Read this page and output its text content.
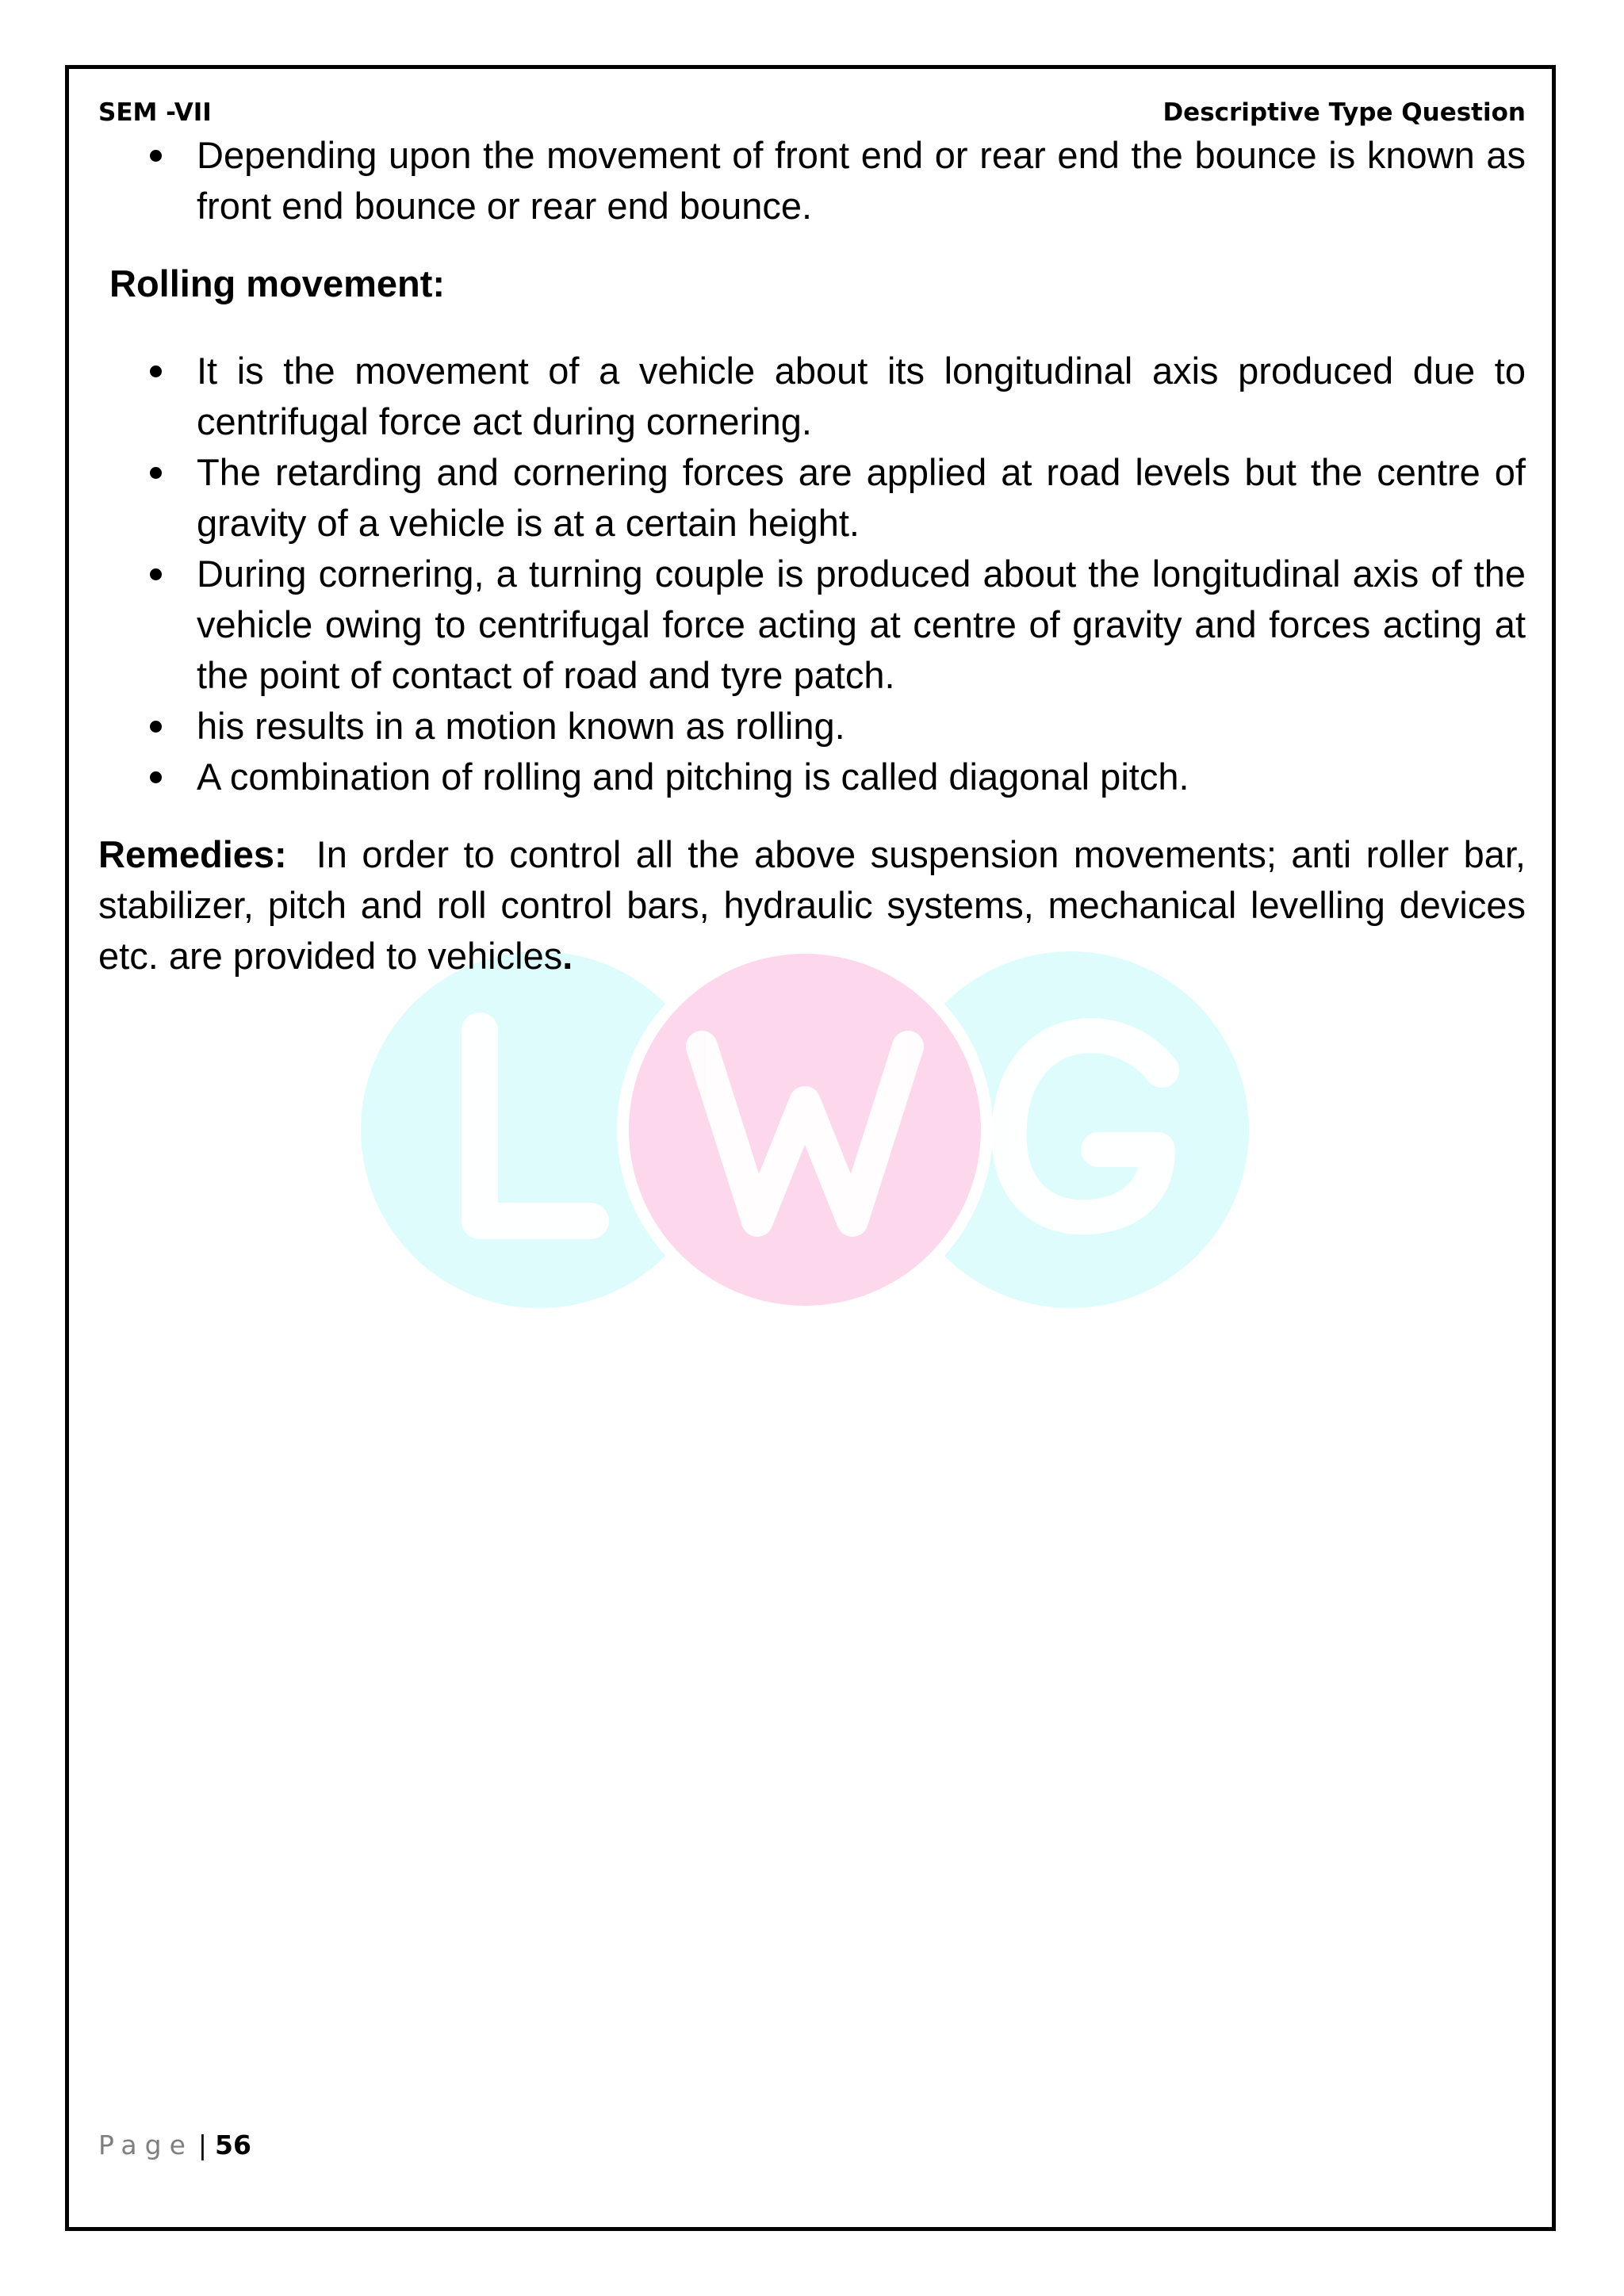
SEM -VII	Descriptive Type Question
Depending upon the movement of front end or rear end the bounce is known as front end bounce or rear end bounce.
Rolling movement:
It is the movement of a vehicle about its longitudinal axis produced due to centrifugal force act during cornering.
The retarding and cornering forces are applied at road levels but the centre of gravity of a vehicle is at a certain height.
During cornering, a turning couple is produced about the longitudinal axis of the vehicle owing to centrifugal force acting at centre of gravity and forces acting at the point of contact of road and tyre patch.
his results in a motion known as rolling.
A combination of rolling and pitching is called diagonal pitch.
Remedies: In order to control all the above suspension movements; anti roller bar, stabilizer, pitch and roll control bars, hydraulic systems, mechanical levelling devices etc. are provided to vehicles.
Page | 56
